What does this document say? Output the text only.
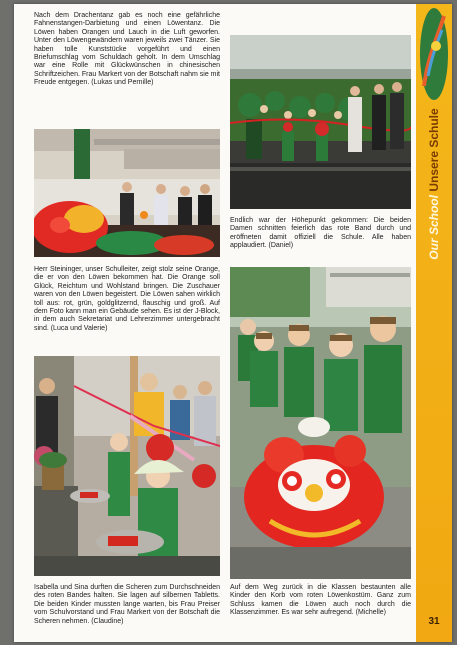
Nach dem Drachentanz gab es noch eine gefährliche Fahnenstangen-Darbietung und einen Löwentanz. Die Löwen haben Orangen und Lauch in die Luft geworfen. Unter den Löwengewändern waren jeweils zwei Tänzer. Sie haben tolle Kunststücke vorgeführt und einen Briefumschlag vom Schuldach geholt. In dem Umschlag war eine Rolle mit Glückwünschen in chinesischen Schriftzeichen. Frau Markert von der Botschaft nahm sie mit Freude entgegen. (Lukas und Pernille)
Our School Unsere Schule
Endlich war der Höhepunkt gekommen: Die beiden Damen schnitten feierlich das rote Band durch und eröffneten damit offiziell die Schule. Alle haben applaudiert. (Daniel)
Herr Steininger, unser Schulleiter, zeigt stolz seine Orange, die er von den Löwen bekommen hat. Die Orange soll Glück, Reichtum und Wohlstand bringen. Die Zuschauer waren von den Löwen begeistert. Die Löwen sahen wirklich toll aus: rot, grün, goldglitzernd, flauschig und groß. Auf dem Foto kann man ein Gebäude sehen. Es ist der J-Block, in dem auch Sekretariat und Lehrerzimmer untergebracht sind. (Luca und Valerie)
Isabella und Sina durften die Scheren zum Durchschneiden des roten Bandes halten. Sie lagen auf silbernen Tabletts. Die beiden Kinder mussten lange warten, bis Frau Preiser vom Schulvorstand und Frau Markert von der Botschaft die Scheren nehmen. (Claudine)
Auf dem Weg zurück in die Klassen bestaunten alle Kinder den Korb vom roten Löwenkostüm. Ganz zum Schluss kamen die Löwen auch noch durch die Klassenzimmer. Es war sehr aufregend. (Michelle)
31
